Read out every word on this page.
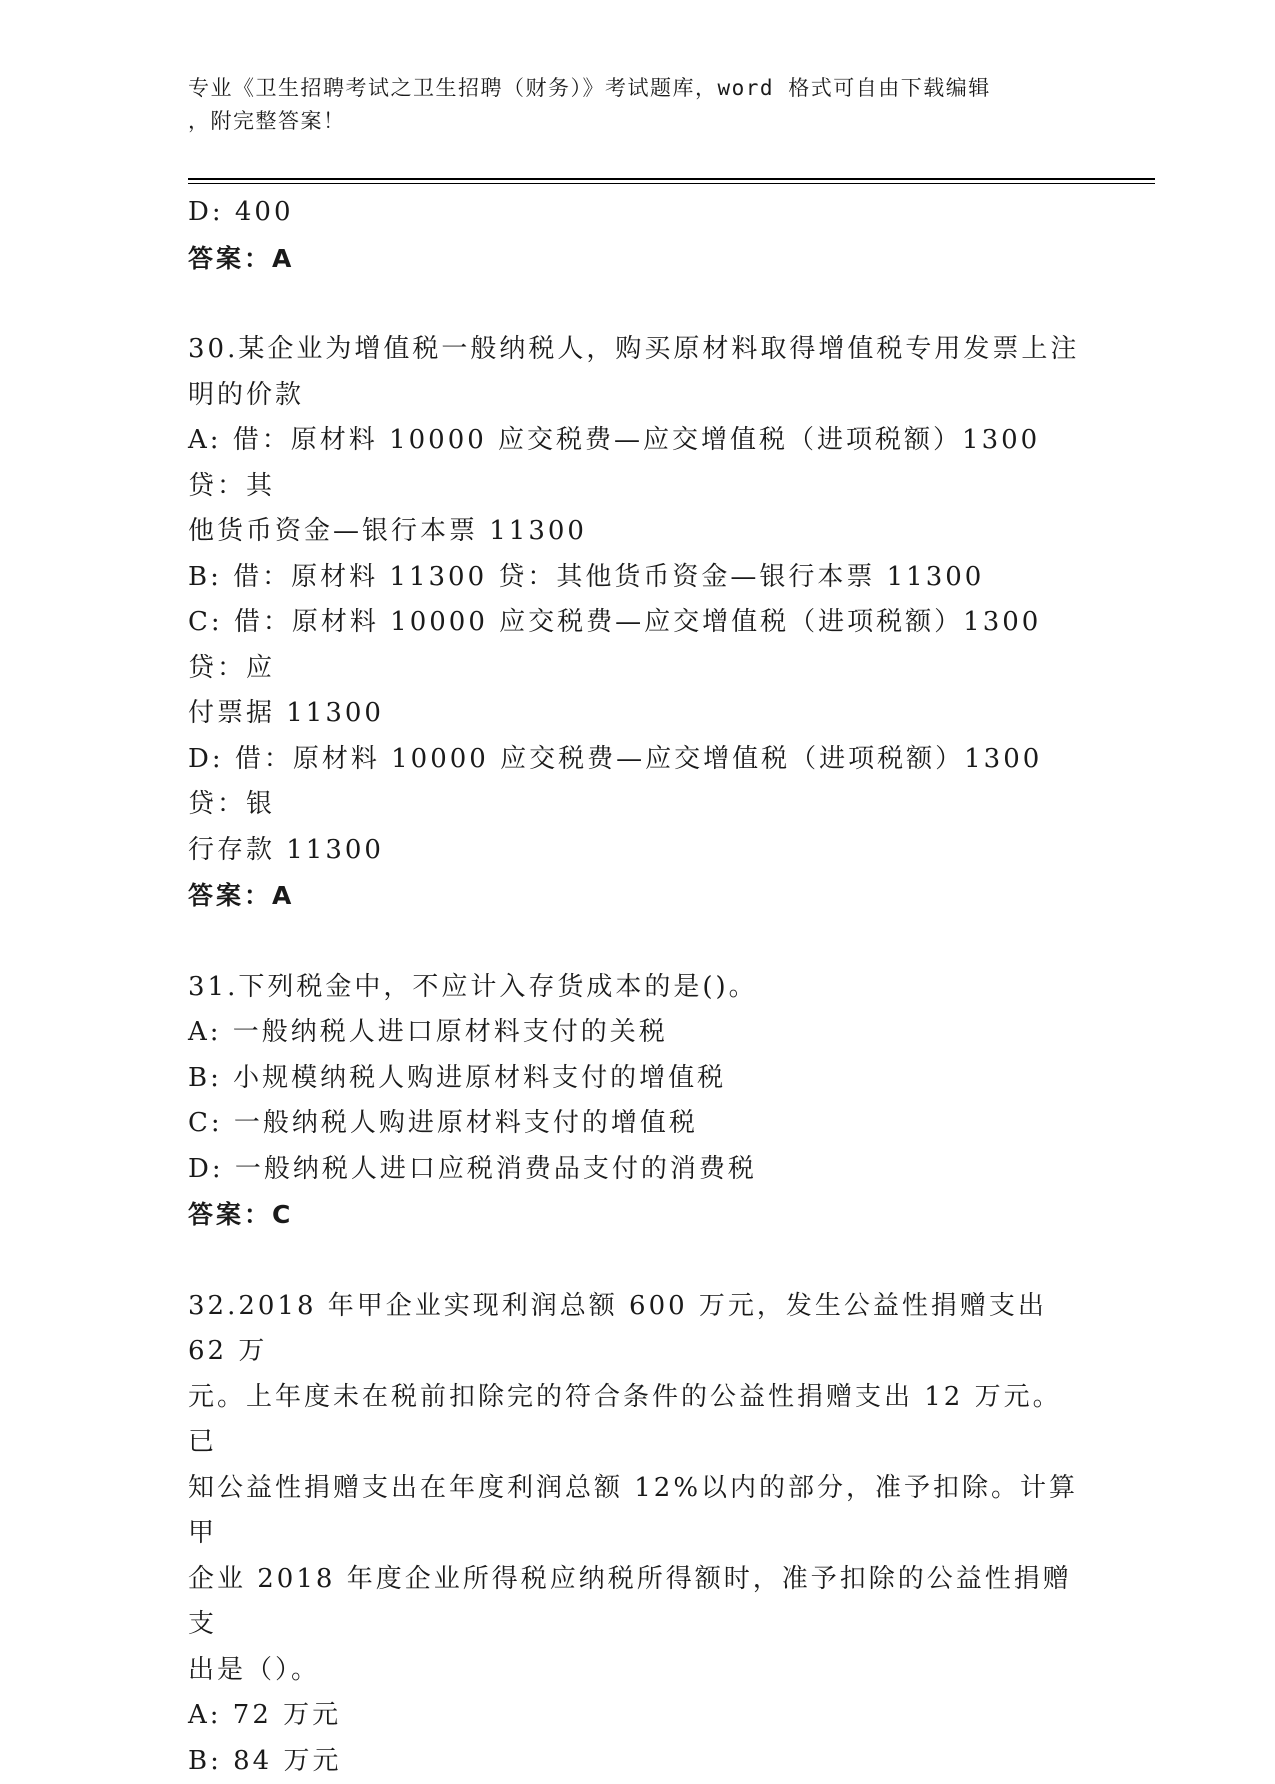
专业《卫生招聘考试之卫生招聘（财务）》考试题库，word 格式可自由下载编辑
，附完整答案！

D: 400

答案：A

30.某企业为增值税一般纳税人，购买原材料取得增值税专用发票上注

明的价款

A: 借：原材料 10000 应交税费—应交增值税（进项税额）1300 贷：其

他货币资金—银行本票 11300

B: 借：原材料 11300 贷：其他货币资金—银行本票 11300

C: 借：原材料 10000 应交税费—应交增值税（进项税额）1300 贷：应

付票据 11300

D: 借：原材料 10000 应交税费—应交增值税（进项税额）1300 贷：银

行存款 11300

答案：A

31.下列税金中，不应计入存货成本的是()。

A: 一般纳税人进口原材料支付的关税

B: 小规模纳税人购进原材料支付的增值税

C: 一般纳税人购进原材料支付的增值税

D: 一般纳税人进口应税消费品支付的消费税

答案：C

32.2018 年甲企业实现利润总额 600 万元，发生公益性捐赠支出 62 万

元。上年度未在税前扣除完的符合条件的公益性捐赠支出 12 万元。已

知公益性捐赠支出在年度利润总额 12%以内的部分，准予扣除。计算甲

企业 2018 年度企业所得税应纳税所得额时，准予扣除的公益性捐赠支

出是（）。

A: 72 万元

B: 84 万元
